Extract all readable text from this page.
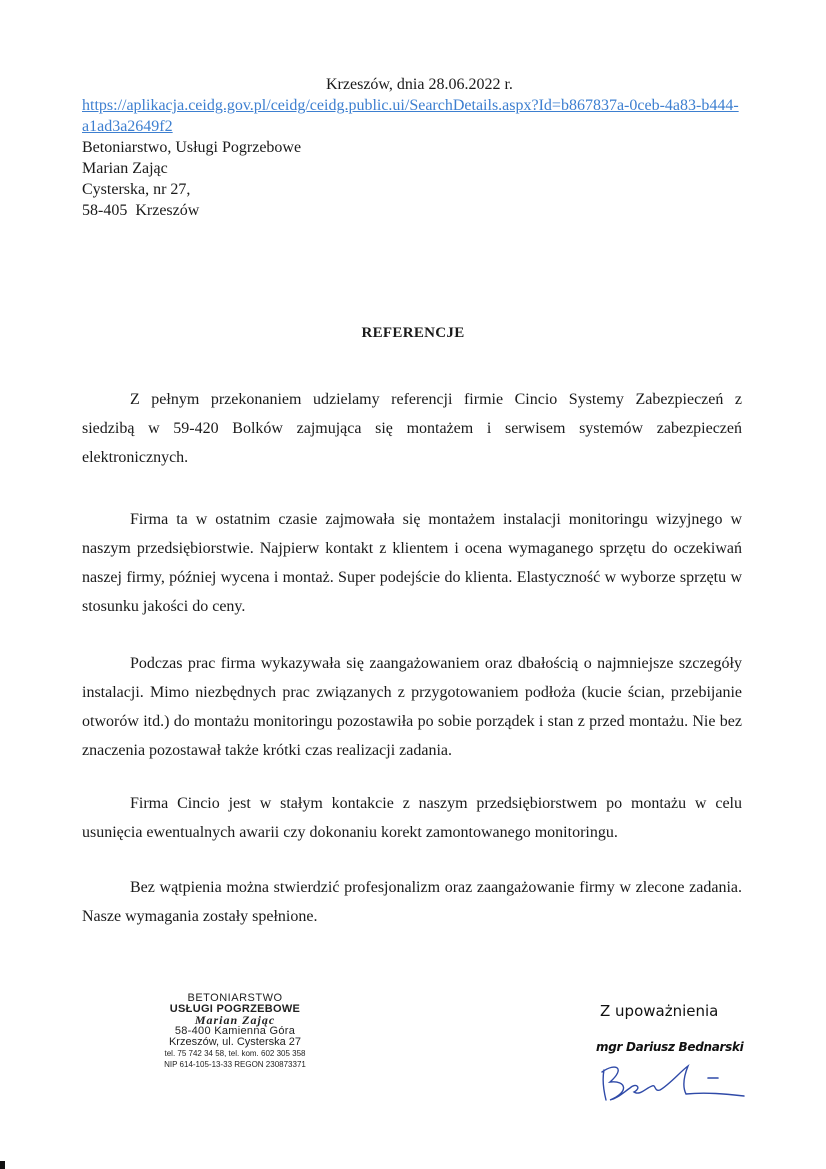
Krzeszów, dnia 28.06.2022 r.
https://aplikacja.ceidg.gov.pl/ceidg/ceidg.public.ui/SearchDetails.aspx?Id=b867837a-0ceb-4a83-b444-a1ad3a2649f2
Betoniarstwo, Usługi Pogrzebowe
Marian Zając
Cysterska, nr 27,
58-405  Krzeszów
REFERENCJE

Z pełnym przekonaniem udzielamy referencji firmie Cincio Systemy Zabezpieczeń z siedzibą w 59-420 Bolków zajmująca się montażem i serwisem systemów zabezpieczeń elektronicznych.

Firma ta w ostatnim czasie zajmowała się montażem instalacji monitoringu wizyjnego w naszym przedsiębiorstwie. Najpierw kontakt z klientem i ocena wymaganego sprzętu do oczekiwań naszej firmy, później wycena i montaż. Super podejście do klienta. Elastyczność w wyborze sprzętu w stosunku jakości do ceny.

Podczas prac firma wykazywała się zaangażowaniem oraz dbałością o najmniejsze szczegóły instalacji. Mimo niezbędnych prac związanych z przygotowaniem podłoża (kucie ścian, przebijanie otworów itd.) do montażu monitoringu pozostawiła po sobie porządek i stan z przed montażu. Nie bez znaczenia pozostawał także krótki czas realizacji zadania.

Firma Cincio jest w stałym kontakcie z naszym przedsiębiorstwem po montażu w celu usunięcia ewentualnych awarii czy dokonaniu korekt zamontowanego monitoringu.

Bez wątpienia można stwierdzić profesjonalizm oraz zaangażowanie firmy w zlecone zadania. Nasze wymagania zostały spełnione.

BETONIARSTWO
USŁUGI POGRZEBOWE
Marian Zając
58-400 Kamienna Góra
Krzeszów, ul. Cysterska 27
tel. 75 742 34 58, tel. kom. 602 305 358
NIP 614-105-13-33 REGON 230873371
Z upoważnienia
mgr Dariusz Bednarski
